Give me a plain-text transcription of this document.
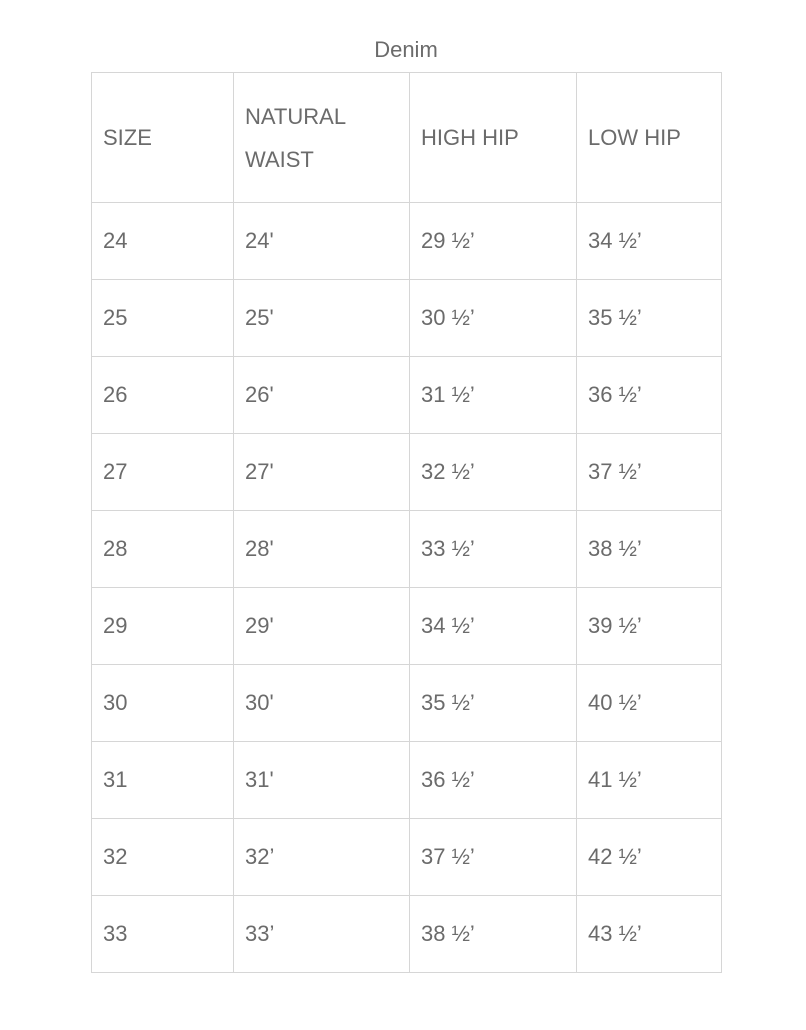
Denim
SIZE	NATURAL WAIST	HIGH HIP	LOW HIP
24	24'	29 ½’	34 ½’
25	25'	30 ½’	35 ½’
26	26'	31 ½’	36 ½’
27	27'	32 ½’	37 ½’
28	28'	33 ½’	38 ½’
29	29'	34 ½’	39 ½’
30	30'	35 ½’	40 ½’
31	31'	36 ½’	41 ½’
32	32’	37 ½’	42 ½’
33	33’	38 ½’	43 ½’
